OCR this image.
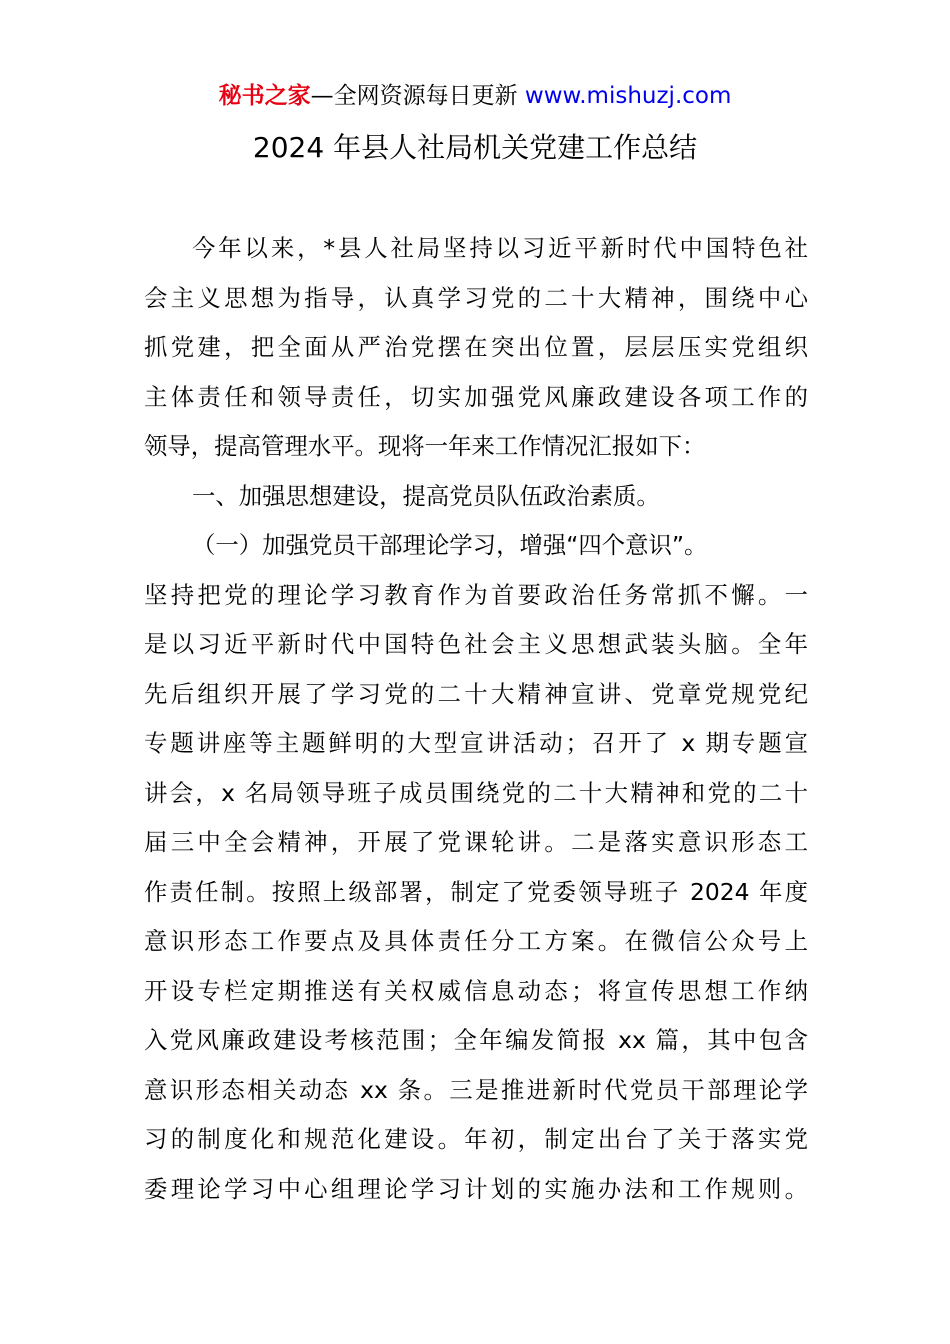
秘书之家—全网资源每日更新 www.mishuzj.com
2024 年县人社局机关党建工作总结
今年以来，*县人社局坚持以习近平新时代中国特色社
会主义思想为指导，认真学习党的二十大精神，围绕中心
抓党建，把全面从严治党摆在突出位置，层层压实党组织
主体责任和领导责任，切实加强党风廉政建设各项工作的
领导，提高管理水平。现将一年来工作情况汇报如下：
一、加强思想建设，提高党员队伍政治素质。
（一）加强党员干部理论学习，增强“四个意识”。
坚持把党的理论学习教育作为首要政治任务常抓不懈。一
是以习近平新时代中国特色社会主义思想武装头脑。全年
先后组织开展了学习党的二十大精神宣讲、党章党规党纪
专题讲座等主题鲜明的大型宣讲活动；召开了 x 期专题宣
讲会，x 名局领导班子成员围绕党的二十大精神和党的二十
届三中全会精神，开展了党课轮讲。二是落实意识形态工
作责任制。按照上级部署，制定了党委领导班子 2024 年度
意识形态工作要点及具体责任分工方案。在微信公众号上
开设专栏定期推送有关权威信息动态；将宣传思想工作纳
入党风廉政建设考核范围；全年编发简报 xx 篇，其中包含
意识形态相关动态 xx 条。三是推进新时代党员干部理论学
习的制度化和规范化建设。年初，制定出台了关于落实党
委理论学习中心组理论学习计划的实施办法和工作规则。
